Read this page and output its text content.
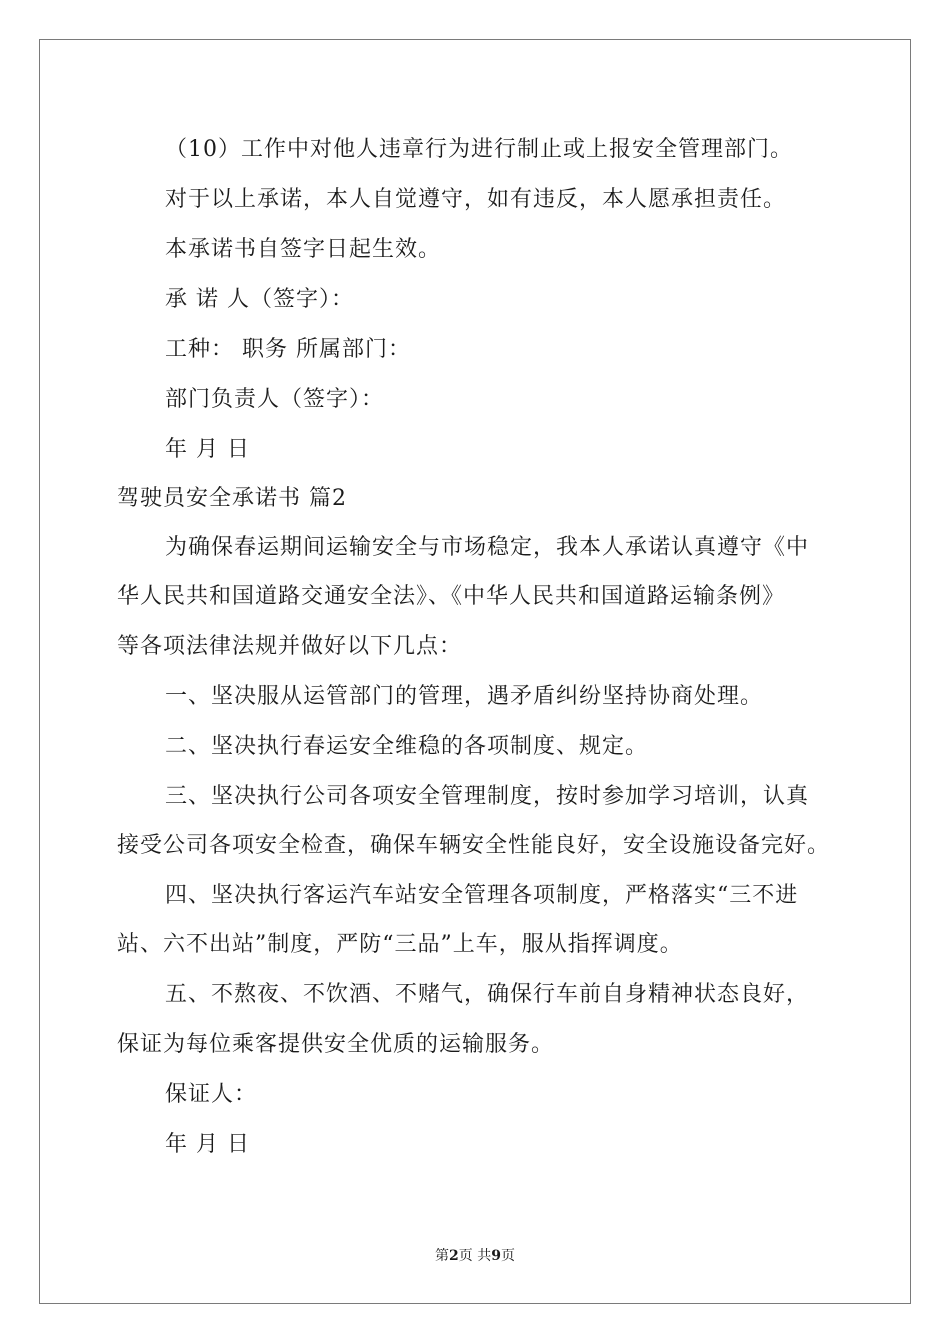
（10）工作中对他人违章行为进行制止或上报安全管理部门。
对于以上承诺，本人自觉遵守，如有违反，本人愿承担责任。
本承诺书自签字日起生效。
承 诺 人（签字）：
工种： 职务 所属部门：
部门负责人（签字）：
年 月 日
驾驶员安全承诺书 篇2
为确保春运期间运输安全与市场稳定，我本人承诺认真遵守《中
华人民共和国道路交通安全法》、《中华人民共和国道路运输条例》
等各项法律法规并做好以下几点：
一、坚决服从运管部门的管理，遇矛盾纠纷坚持协商处理。
二、坚决执行春运安全维稳的各项制度、规定。
三、坚决执行公司各项安全管理制度，按时参加学习培训，认真
接受公司各项安全检查，确保车辆安全性能良好，安全设施设备完好。
四、坚决执行客运汽车站安全管理各项制度，严格落实“三不进
站、六不出站”制度，严防“三品”上车，服从指挥调度。
五、不熬夜、不饮酒、不赌气，确保行车前自身精神状态良好，
保证为每位乘客提供安全优质的运输服务。
保证人：
年 月 日
第2页 共9页
